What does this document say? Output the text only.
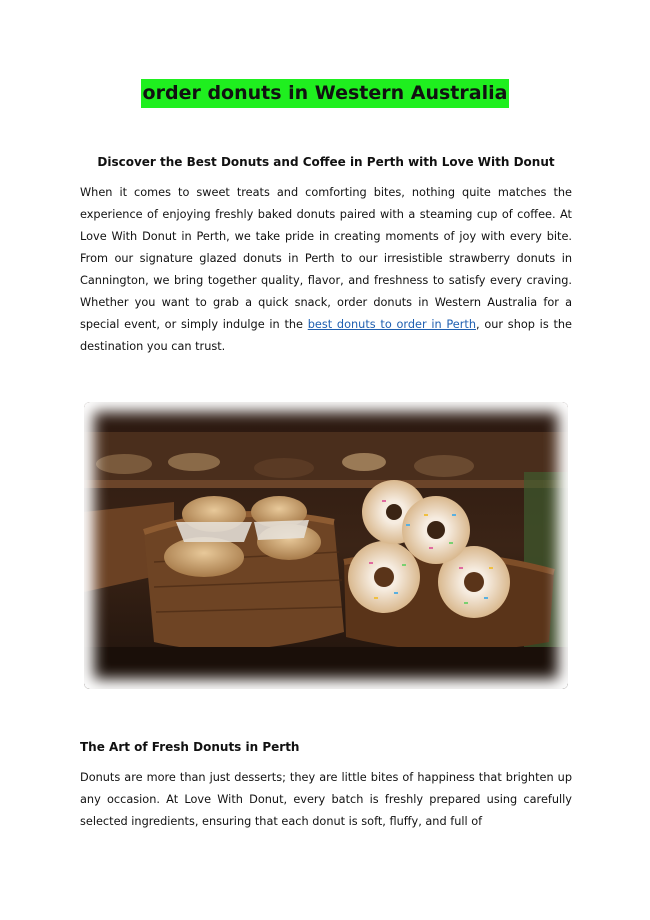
order donuts in Western Australia
Discover the Best Donuts and Coffee in Perth with Love With Donut

When it comes to sweet treats and comforting bites, nothing quite matches the experience of enjoying freshly baked donuts paired with a steaming cup of coffee. At Love With Donut in Perth, we take pride in creating moments of joy with every bite. From our signature glazed donuts in Perth to our irresistible strawberry donuts in Cannington, we bring together quality, flavor, and freshness to satisfy every craving. Whether you want to grab a quick snack, order donuts in Western Australia for a special event, or simply indulge in the best donuts to order in Perth, our shop is the destination you can trust.

The Art of Fresh Donuts in Perth

Donuts are more than just desserts; they are little bites of happiness that brighten up any occasion. At Love With Donut, every batch is freshly prepared using carefully selected ingredients, ensuring that each donut is soft, fluffy, and full of
